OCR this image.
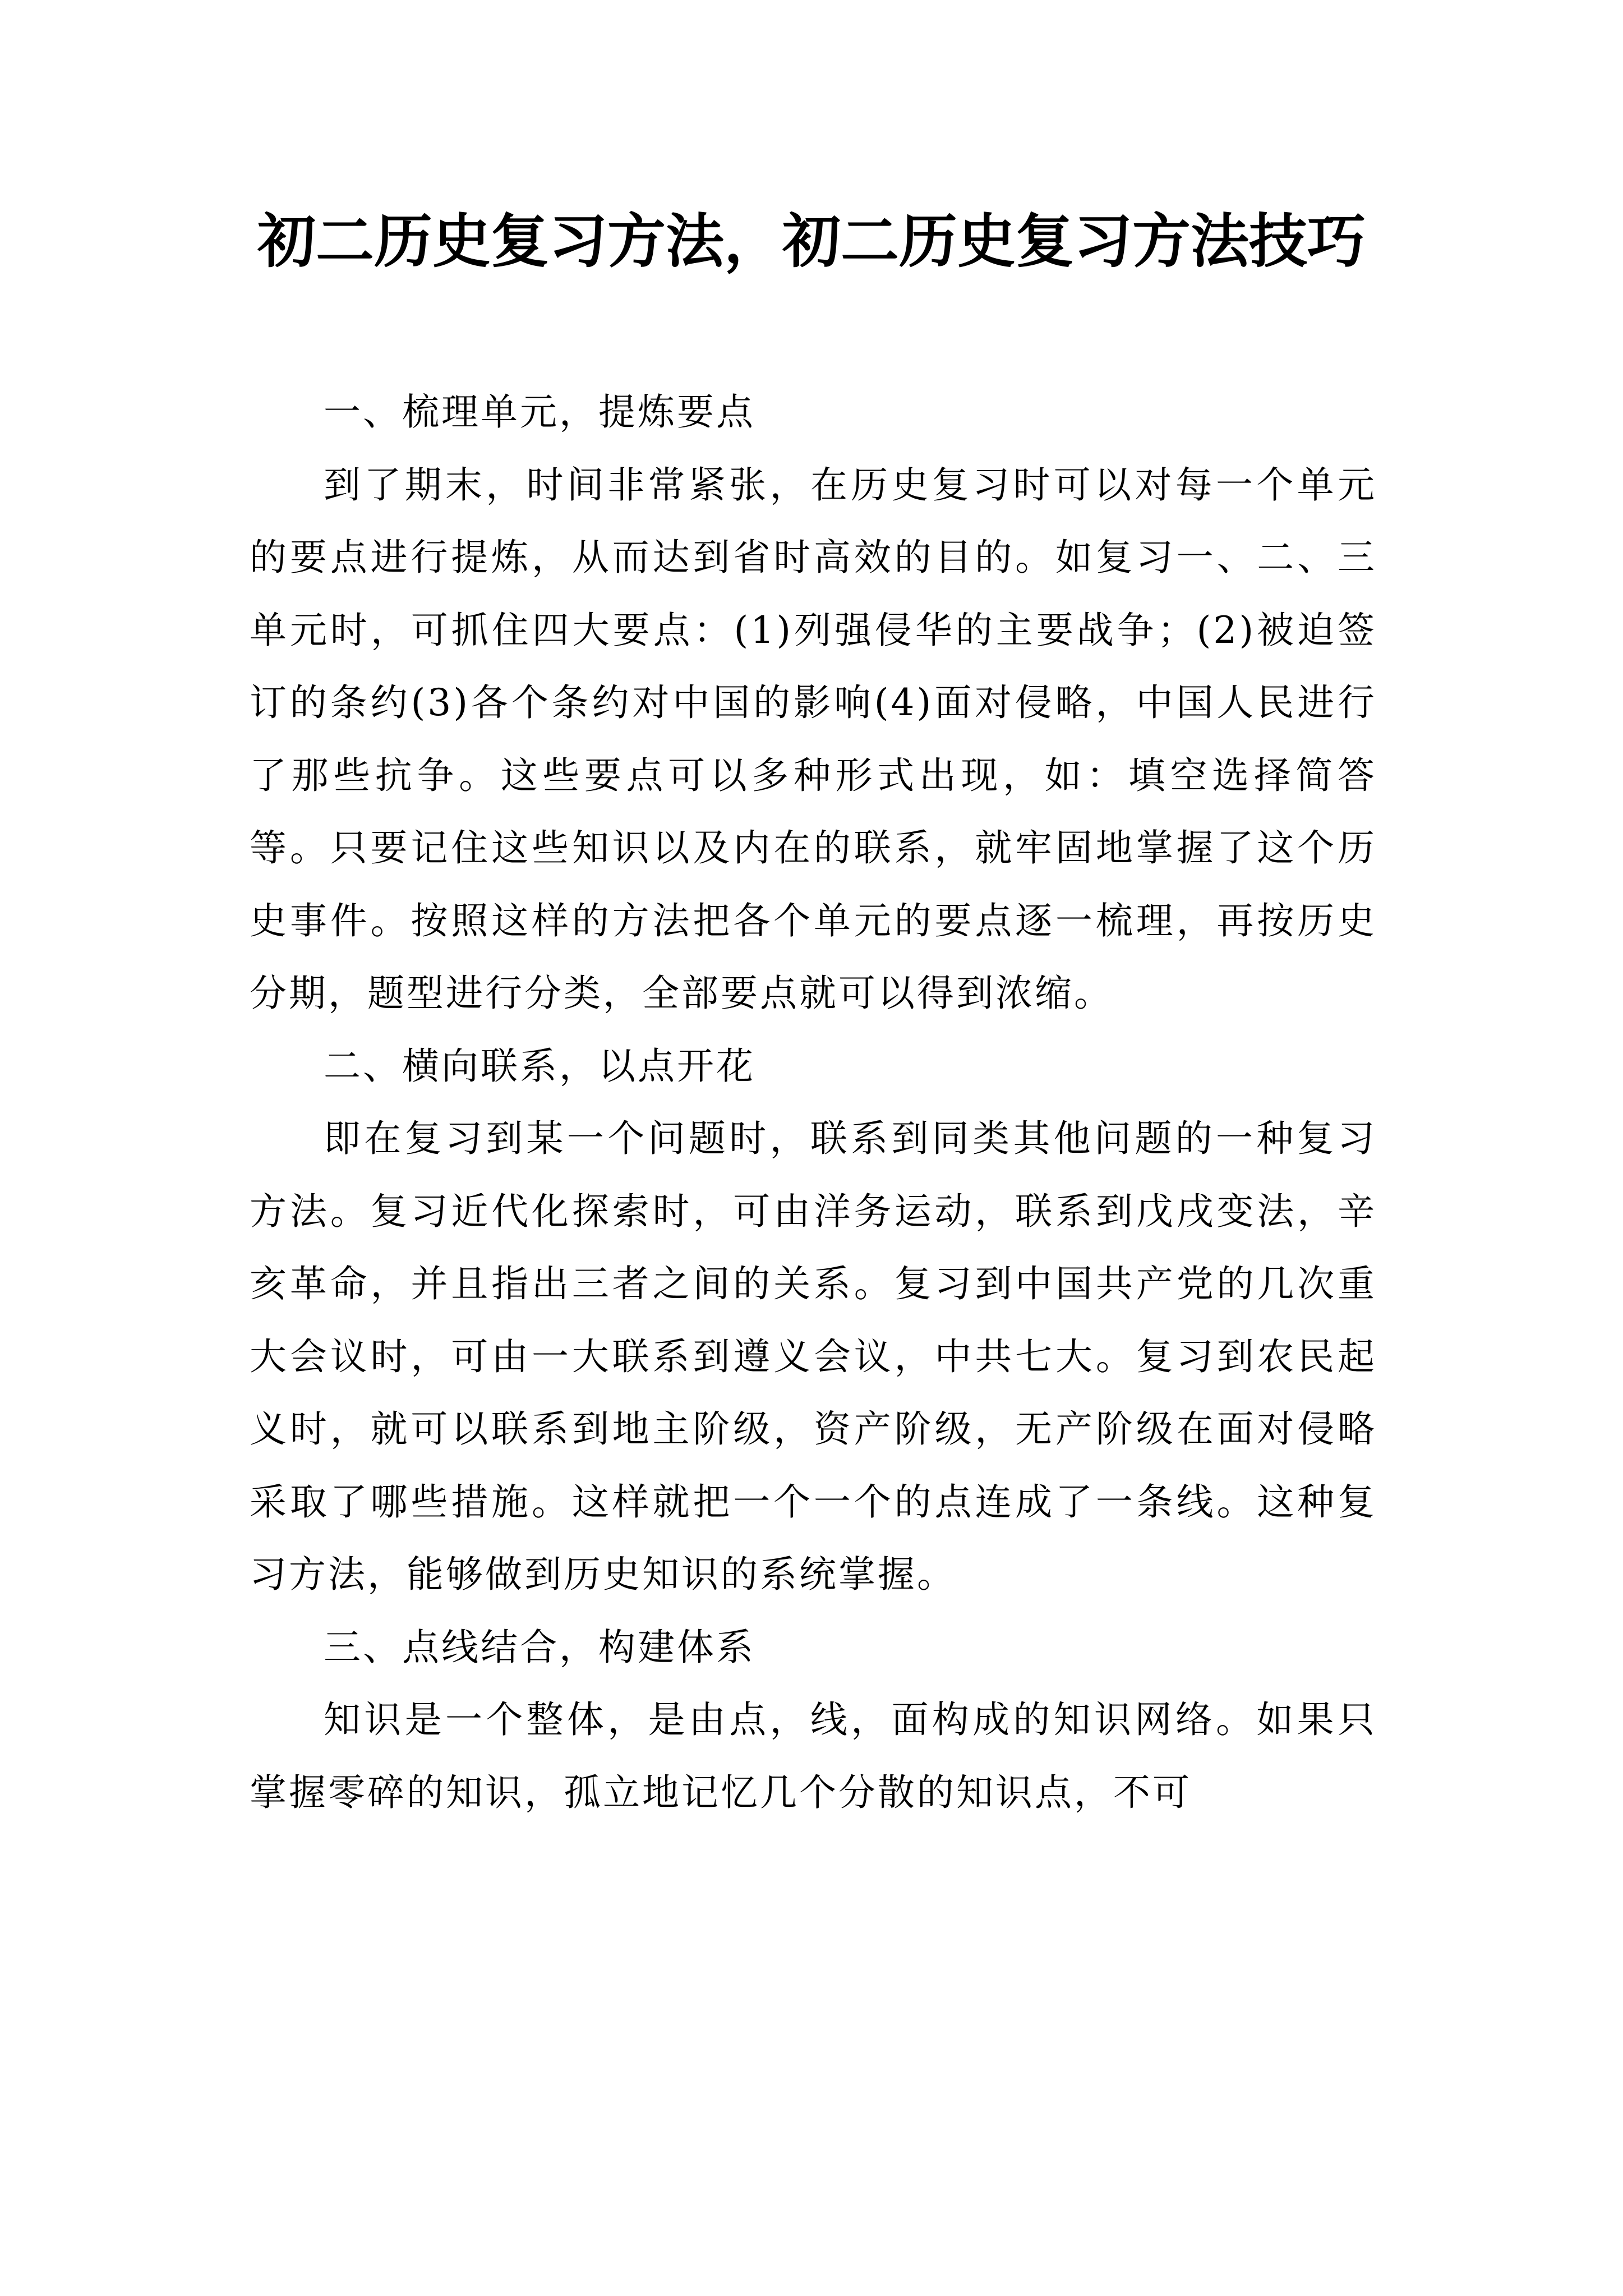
初二历史复习方法，初二历史复习方法技巧

一、梳理单元，提炼要点

到了期末，时间非常紧张，在历史复习时可以对每一个单元的要点进行提炼，从而达到省时高效的目的。如复习一、二、三单元时，可抓住四大要点：(1)列强侵华的主要战争；(2)被迫签订的条约(3)各个条约对中国的影响(4)面对侵略，中国人民进行了那些抗争。这些要点可以多种形式出现，如：填空选择简答等。只要记住这些知识以及内在的联系，就牢固地掌握了这个历史事件。按照这样的方法把各个单元的要点逐一梳理，再按历史分期，题型进行分类，全部要点就可以得到浓缩。

二、横向联系，以点开花

即在复习到某一个问题时，联系到同类其他问题的一种复习方法。复习近代化探索时，可由洋务运动，联系到戊戌变法，辛亥革命，并且指出三者之间的关系。复习到中国共产党的几次重大会议时，可由一大联系到遵义会议，中共七大。复习到农民起义时，就可以联系到地主阶级，资产阶级，无产阶级在面对侵略采取了哪些措施。这样就把一个一个的点连成了一条线。这种复习方法，能够做到历史知识的系统掌握。

三、点线结合，构建体系

知识是一个整体，是由点，线，面构成的知识网络。如果只掌握零碎的知识，孤立地记忆几个分散的知识点，不可
